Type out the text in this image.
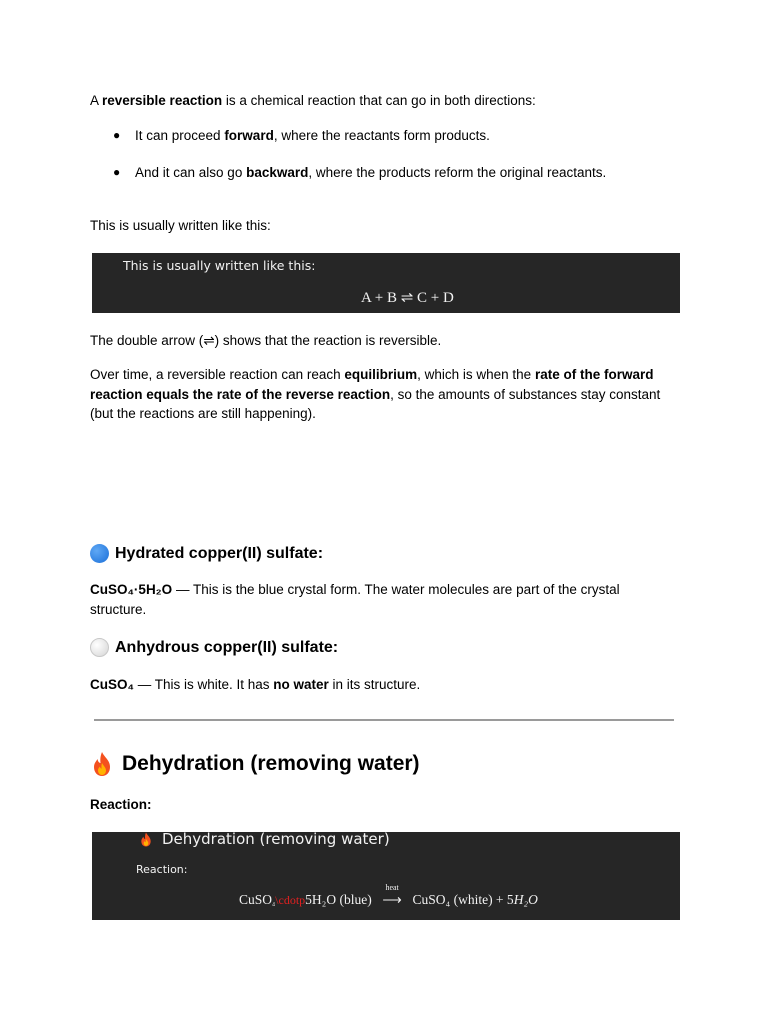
A reversible reaction is a chemical reaction that can go in both directions:

● It can proceed forward, where the reactants form products.

● And it can also go backward, where the products reform the original reactants.

This is usually written like this:

This is usually written like this:
A + B ⇌ C + D

The double arrow (⇌) shows that the reaction is reversible.

Over time, a reversible reaction can reach equilibrium, which is when the rate of the forward
reaction equals the rate of the reverse reaction, so the amounts of substances stay constant
(but the reactions are still happening).

Hydrated copper(II) sulfate:

CuSO₄·5H₂O — This is the blue crystal form. The water molecules are part of the crystal
structure.

Anhydrous copper(II) sulfate:

CuSO₄ — This is white. It has no water in its structure.

Dehydration (removing water)

Reaction:

Dehydration (removing water)
Reaction:
CuSO₄\cdotp5H₂O (blue)
heat
⟶ CuSO₄ (white) + 5H₂O
